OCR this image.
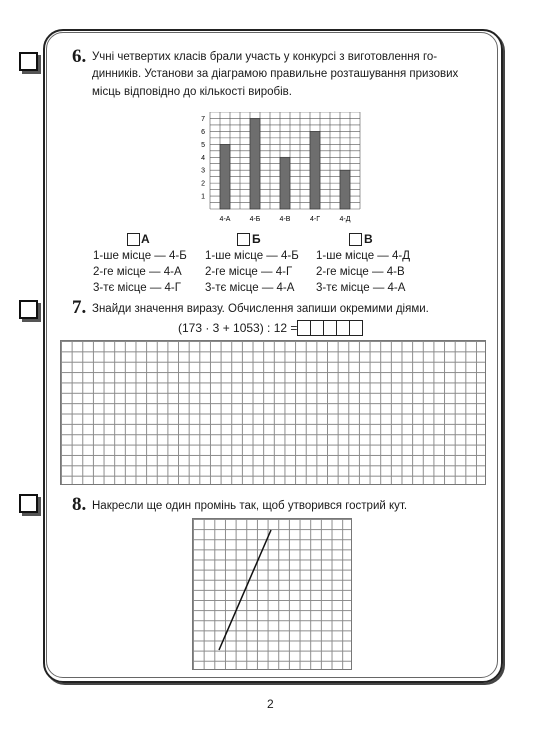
6. Учні четвертих класів брали участь у конкурсі з виготовлення го-
динників. Установи за діаграмою правильне розташування призових
місць відповідно до кількості виробів.
1
2
3
4
5
6
7
4-А	4-Б	4-В	4-Г	4-Д
А
1-ше місце — 4-Б
2-ге місце — 4-А
3-тє місце — 4-Г
Б
1-ше місце — 4-Б
2-ге місце — 4-Г
3-тє місце — 4-А
В
1-ше місце — 4-Д
2-ге місце — 4-В
3-тє місце — 4-А
7. Знайди значення виразу. Обчислення запиши окремими діями.
(173 · 3 + 1053) : 12 =
8. Накресли ще один промінь так, щоб утворився гострий кут.
2
